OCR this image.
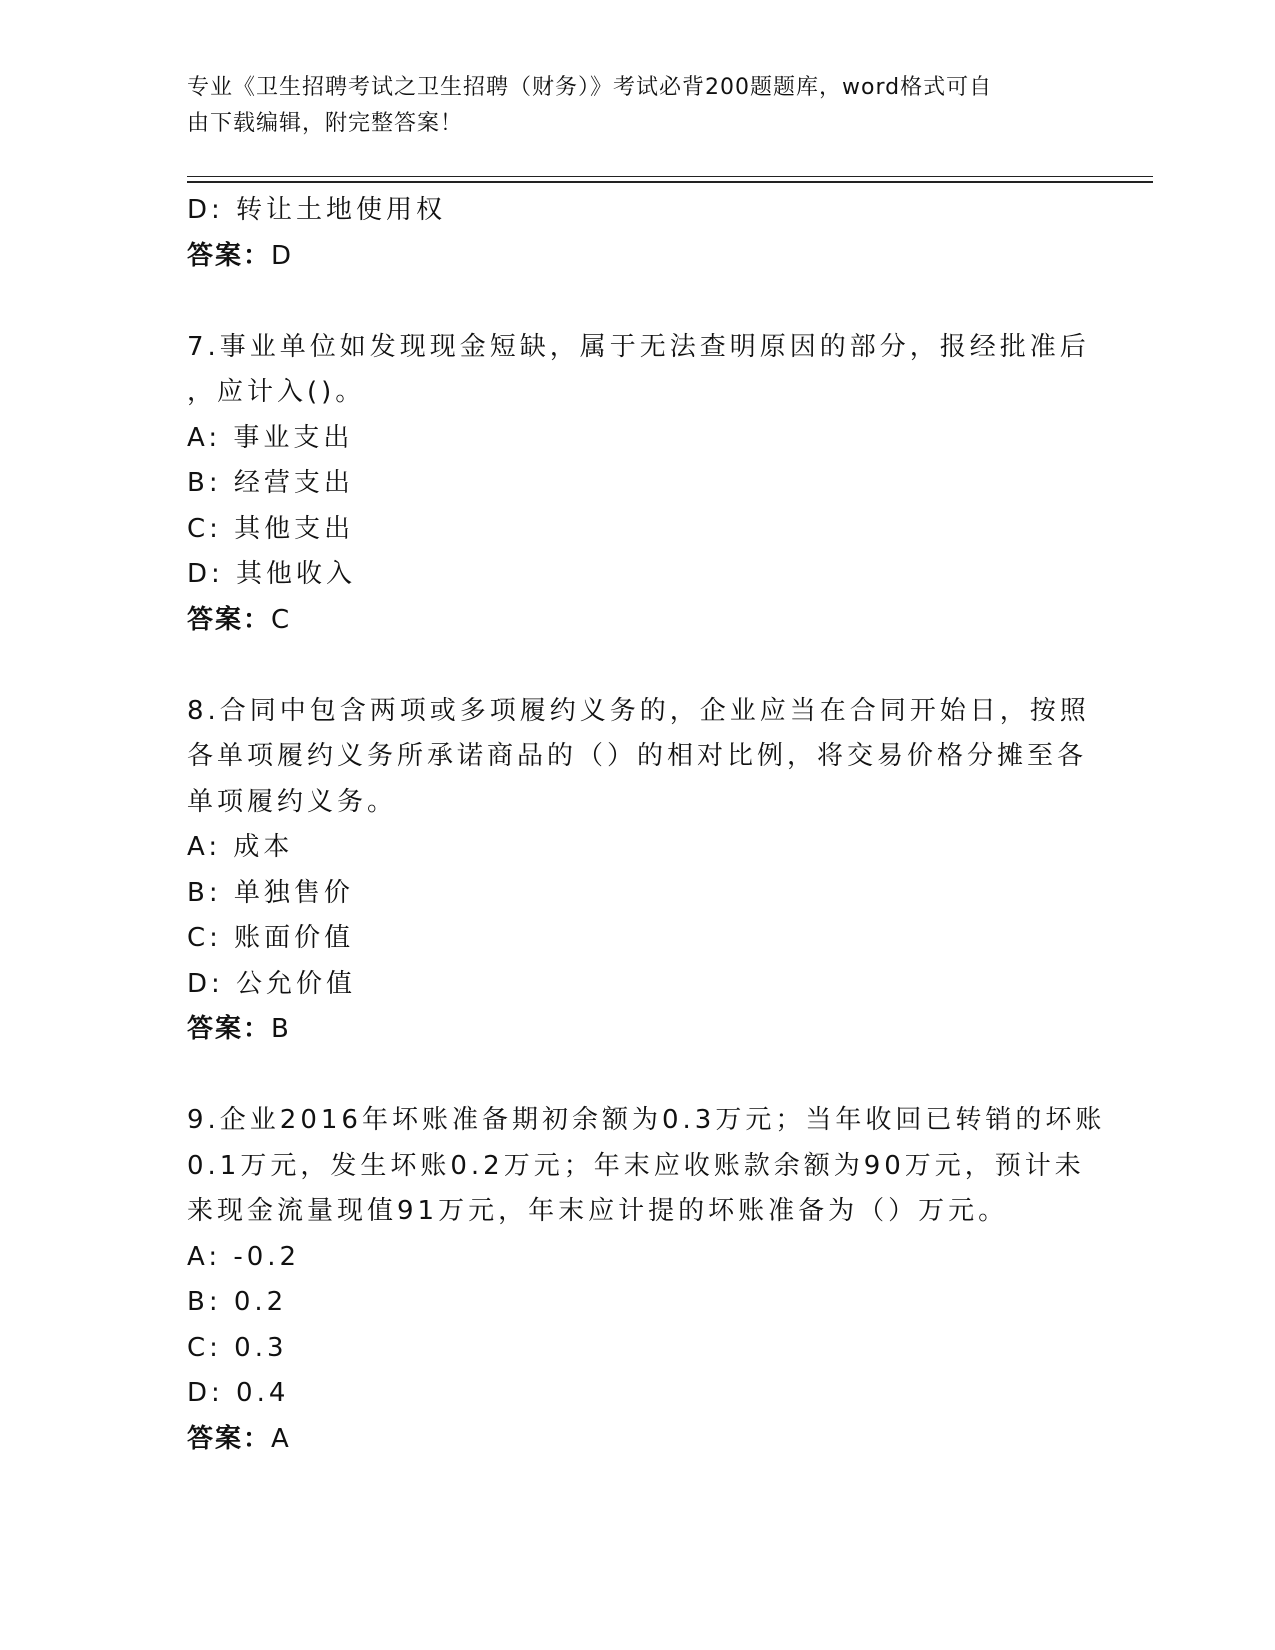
专业《卫生招聘考试之卫生招聘（财务）》考试必背200题题库，word格式可自
由下载编辑，附完整答案！
D: 转让土地使用权
答案：D
7.事业单位如发现现金短缺，属于无法查明原因的部分，报经批准后
，应计入()。
A: 事业支出
B: 经营支出
C: 其他支出
D: 其他收入
答案：C
8.合同中包含两项或多项履约义务的，企业应当在合同开始日，按照
各单项履约义务所承诺商品的（）的相对比例，将交易价格分摊至各
单项履约义务。
A: 成本
B: 单独售价
C: 账面价值
D: 公允价值
答案：B
9.企业2016年坏账准备期初余额为0.3万元；当年收回已转销的坏账
0.1万元，发生坏账0.2万元；年末应收账款余额为90万元，预计未
来现金流量现值91万元，年末应计提的坏账准备为（）万元。
A: -0.2
B: 0.2
C: 0.3
D: 0.4
答案：A
